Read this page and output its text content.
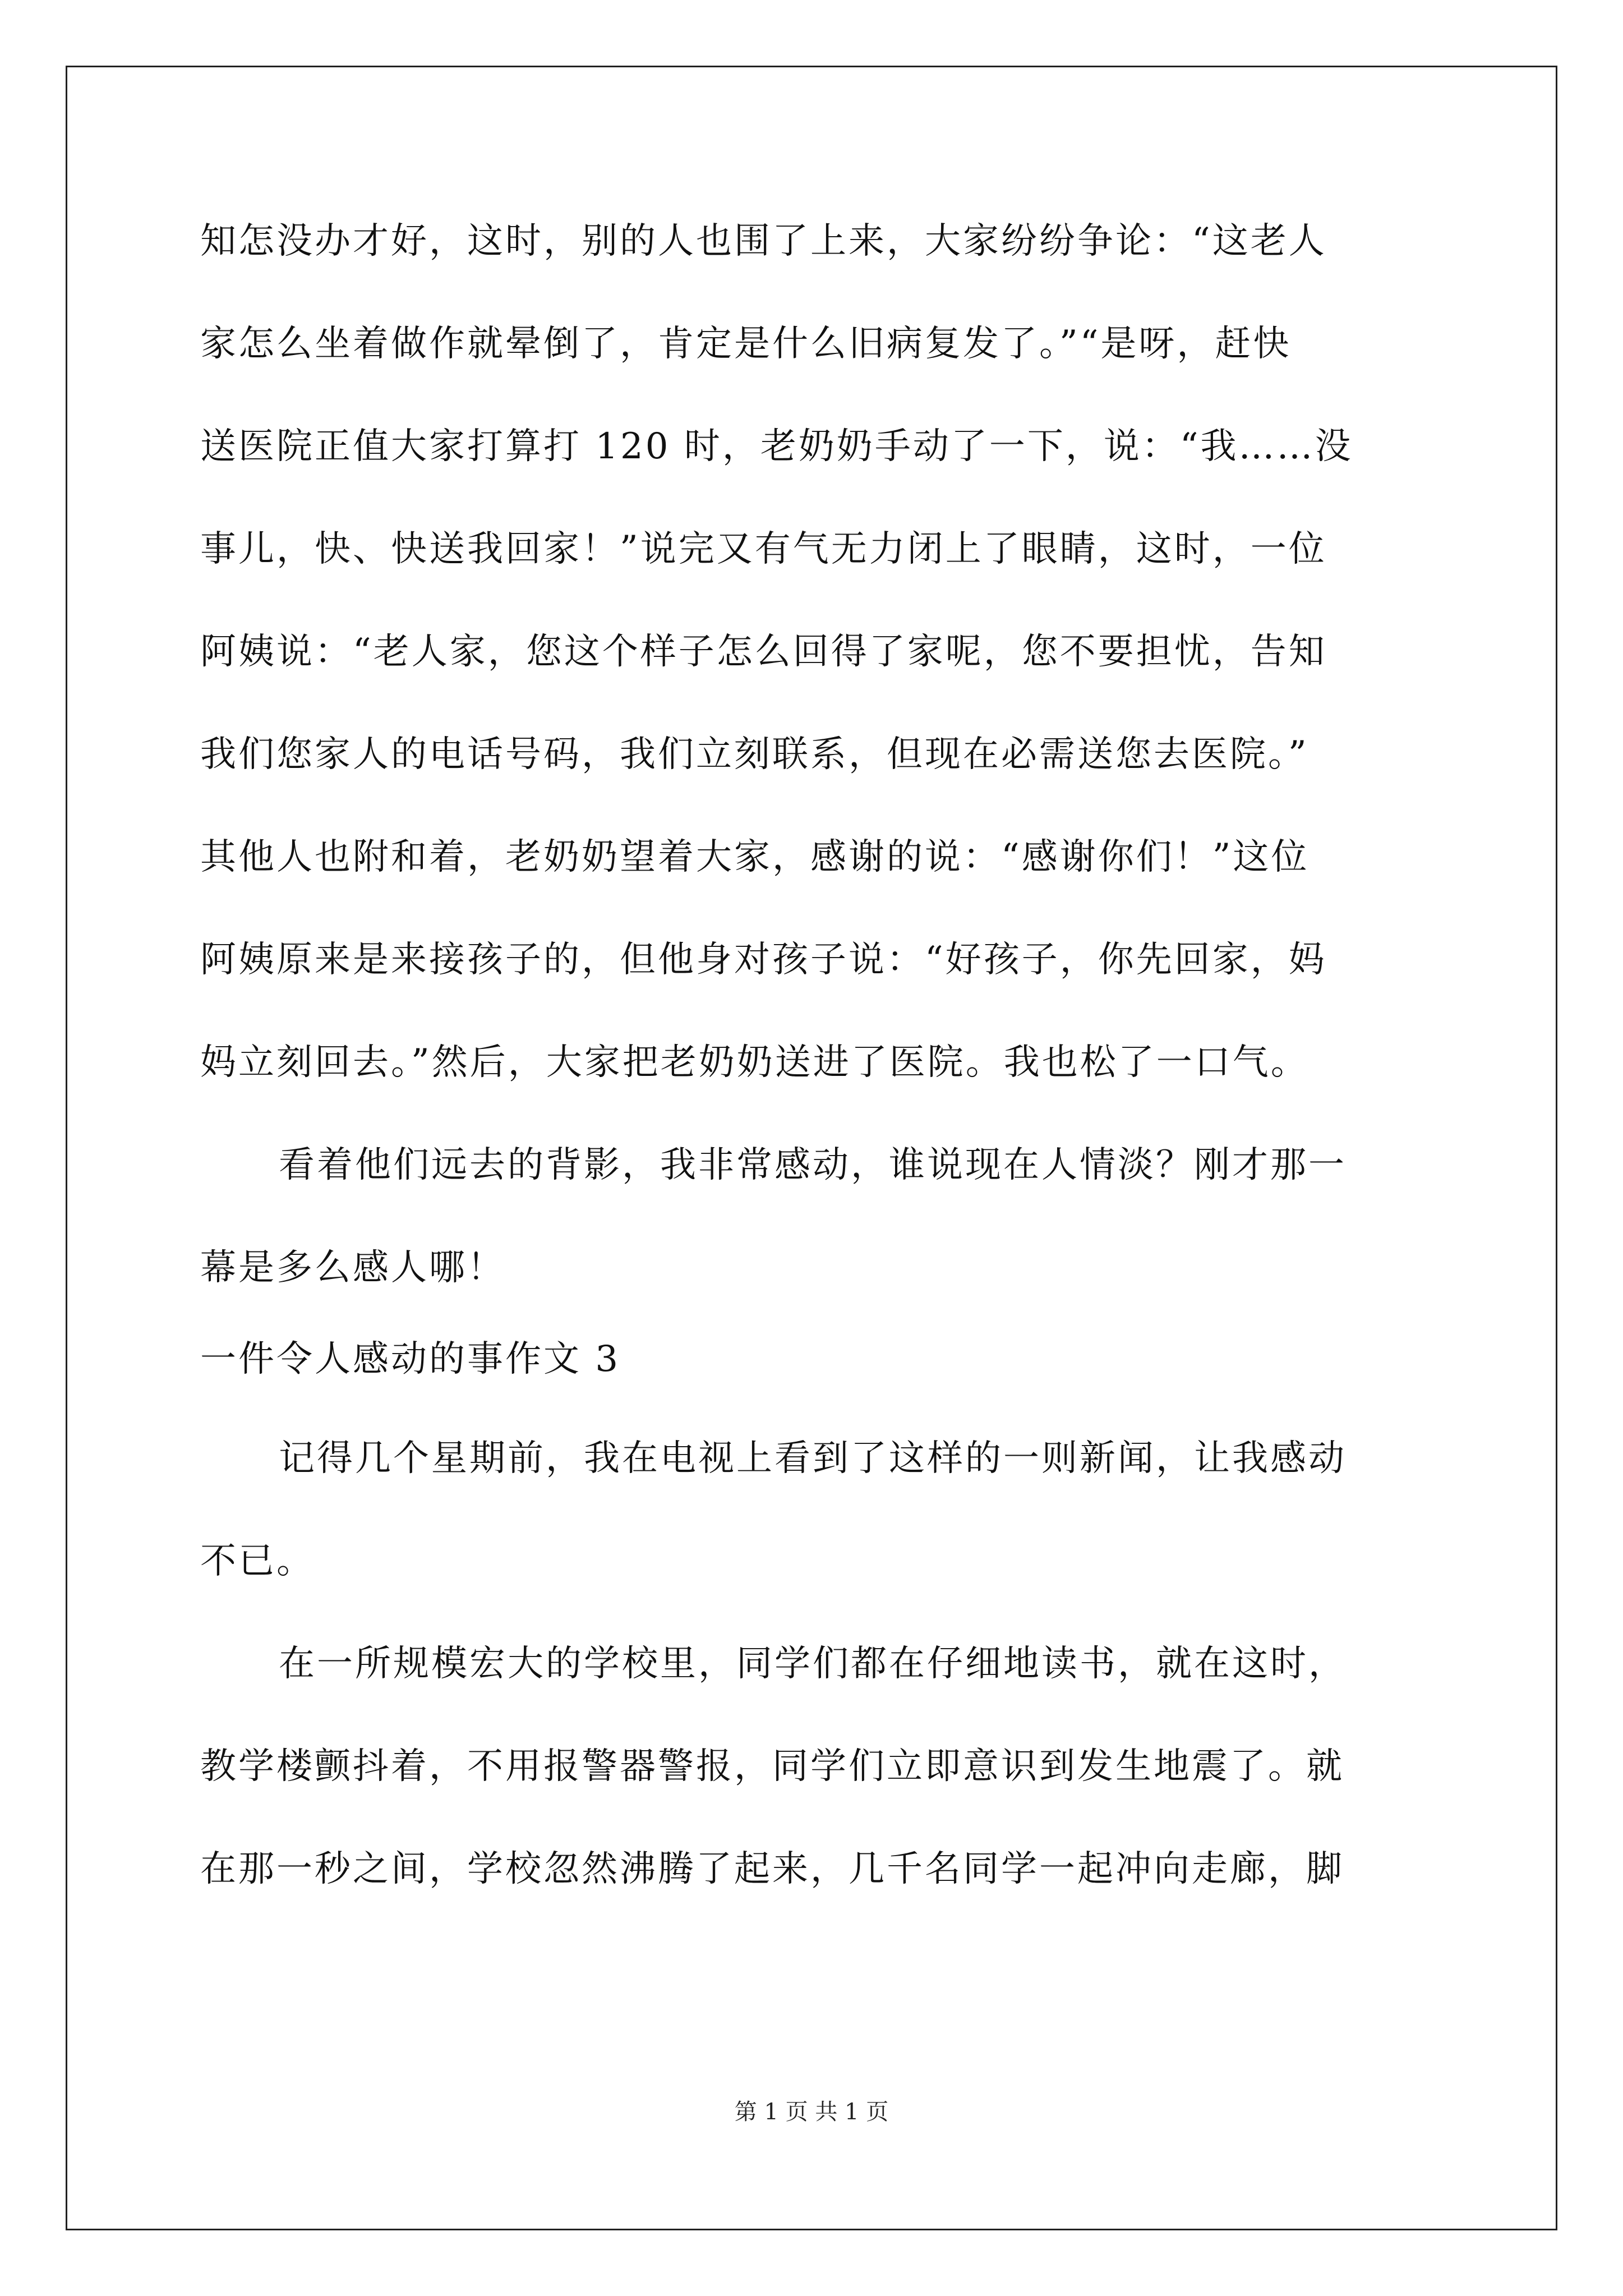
知怎没办才好，这时，别的人也围了上来，大家纷纷争论：“这老人
家怎么坐着做作就晕倒了，肯定是什么旧病复发了。”“是呀，赶快
送医院正值大家打算打 120 时，老奶奶手动了一下，说：“我……没
事儿，快、快送我回家！”说完又有气无力闭上了眼睛，这时，一位
阿姨说：“老人家，您这个样子怎么回得了家呢，您不要担忧，告知
我们您家人的电话号码，我们立刻联系，但现在必需送您去医院。”
其他人也附和着，老奶奶望着大家，感谢的说：“感谢你们！”这位
阿姨原来是来接孩子的，但他身对孩子说：“好孩子，你先回家，妈
妈立刻回去。”然后，大家把老奶奶送进了医院。我也松了一口气。
看着他们远去的背影，我非常感动，谁说现在人情淡？刚才那一
幕是多么感人哪！
一件令人感动的事作文 3
记得几个星期前，我在电视上看到了这样的一则新闻，让我感动
不已。
在一所规模宏大的学校里，同学们都在仔细地读书，就在这时，
教学楼颤抖着，不用报警器警报，同学们立即意识到发生地震了。就
在那一秒之间，学校忽然沸腾了起来，几千名同学一起冲向走廊，脚
第 1 页 共 1 页
